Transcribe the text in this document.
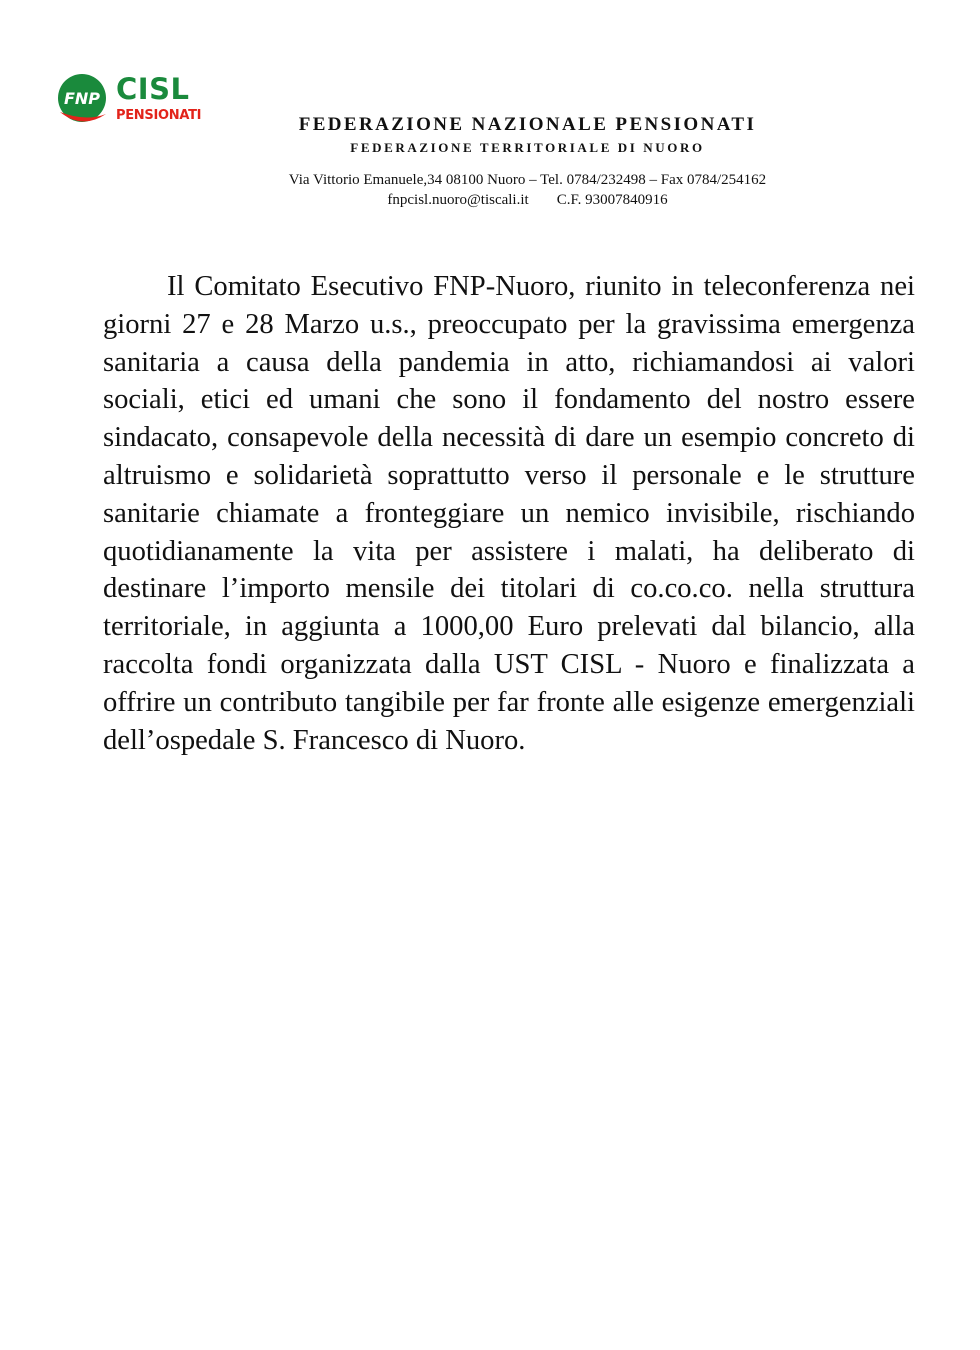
FNP CISL
PENSIONATI	FEDERAZIONE NAZIONALE PENSIONATI
FEDERAZIONE TERRITORIALE DI NUORO
Via Vittorio Emanuele,34 08100 Nuoro – Tel. 0784/232498 – Fax 0784/254162
fnpcisl.nuoro@tiscali.it C.F. 93007840916

Il Comitato Esecutivo FNP-Nuoro, riunito in teleconferenza nei giorni 27 e 28 Marzo u.s., preoccupato per la gravissima emergenza sanitaria a causa della pandemia in atto, richiamandosi ai valori sociali, etici ed umani che sono il fondamento del nostro essere sindacato, consapevole della necessità di dare un esempio concreto di altruismo e solidarietà soprattutto verso il personale e le strutture sanitarie chiamate a fronteggiare un nemico invisibile, rischiando quotidianamente la vita per assistere i malati, ha deliberato di destinare l’importo mensile dei titolari di co.co.co. nella struttura territoriale, in aggiunta a 1000,00 Euro prelevati dal bilancio, alla raccolta fondi organizzata dalla UST CISL - Nuoro e finalizzata a offrire un contributo tangibile per far fronte alle esigenze emergenziali dell’ospedale S. Francesco di Nuoro.
